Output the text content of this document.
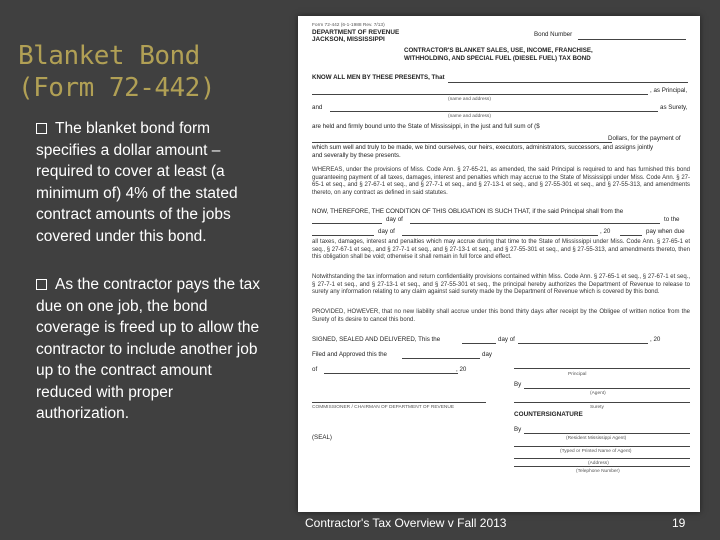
Blanket Bond
(Form 72-442)
The blanket bond form specifies a dollar amount – required to cover at least (a minimum of) 4% of the stated contract amounts of the jobs covered under this bond.
As the contractor pays the tax due on one job, the bond coverage is freed up to allow the contractor to include another job up to the contract amount reduced with proper authorization.
Form 72-442 (6-1-1988 Rev. 7/13)
DEPARTMENT OF REVENUE
JACKSON, MISSISSIPPI
Bond Number
CONTRACTOR'S BLANKET SALES, USE, INCOME, FRANCHISE,
WITHHOLDING, AND SPECIAL FUEL (DIESEL FUEL) TAX BOND
KNOW ALL MEN BY THESE PRESENTS, That
, as Principal,
(name and address)
and	as Surety,
(name and address)
are held and firmly bound unto the State of Mississippi, in the just and full sum of ($
Dollars, for the payment of
which sum well and truly to be made, we bind ourselves, our heirs, executors, administrators, successors, and assigns jointly
and severally by these presents.
WHEREAS, under the provisions of Miss. Code Ann. § 27-65-21, as amended, the said Principal is required to and has furnished this bond guaranteeing payment of all taxes, damages, interest and penalties which may accrue to the State of Mississippi under Miss. Code Ann. § 27-65-1 et seq., and § 27-67-1 et seq., and § 27-7-1 et seq., and § 27-13-1 et seq., and § 27-55-301 et seq., and § 27-55-313, and amendments thereto, on any contract as defined in said statutes.
NOW, THEREFORE, THE CONDITION OF THIS OBLIGATION IS SUCH THAT, if the said Principal shall from the
day of	to the
day of	, 20	pay when due
all taxes, damages, interest and penalties which may accrue during that time to the State of Mississippi under Miss. Code Ann. § 27-65-1 et seq., § 27-67-1 et seq., and § 27-7-1 et seq., and § 27-13-1 et seq., and § 27-55-301 et seq., and § 27-55-313, and amendments thereto, then this obligation shall be void; otherwise it shall remain in full force and effect.
Notwithstanding the tax information and return confidentiality provisions contained within Miss. Code Ann. § 27-65-1 et seq., § 27-67-1 et seq., § 27-7-1 et seq., and § 27-13-1 et seq., and § 27-55-301 et seq., the principal hereby authorizes the Department of Revenue to release to surety any information relating to any claim against said surety made by the Department of Revenue which is covered by this bond.
PROVIDED, HOWEVER, that no new liability shall accrue under this bond thirty days after receipt by the Obligee of written notice from the Surety of its desire to cancel this bond.
SIGNED, SEALED AND DELIVERED, This the	day of	, 20
Filed and Approved this the	day
of	, 20
Principal
By
(Agent)
COMMISSIONER / CHAIRMAN OF DEPARTMENT OF REVENUE	Surety
COUNTERSIGNATURE
By
(Resident Mississippi Agent)
(SEAL)
(Typed or Printed Name of Agent)
(Address)
(Telephone Number)
Contractor's Tax Overview v Fall 2013	19
